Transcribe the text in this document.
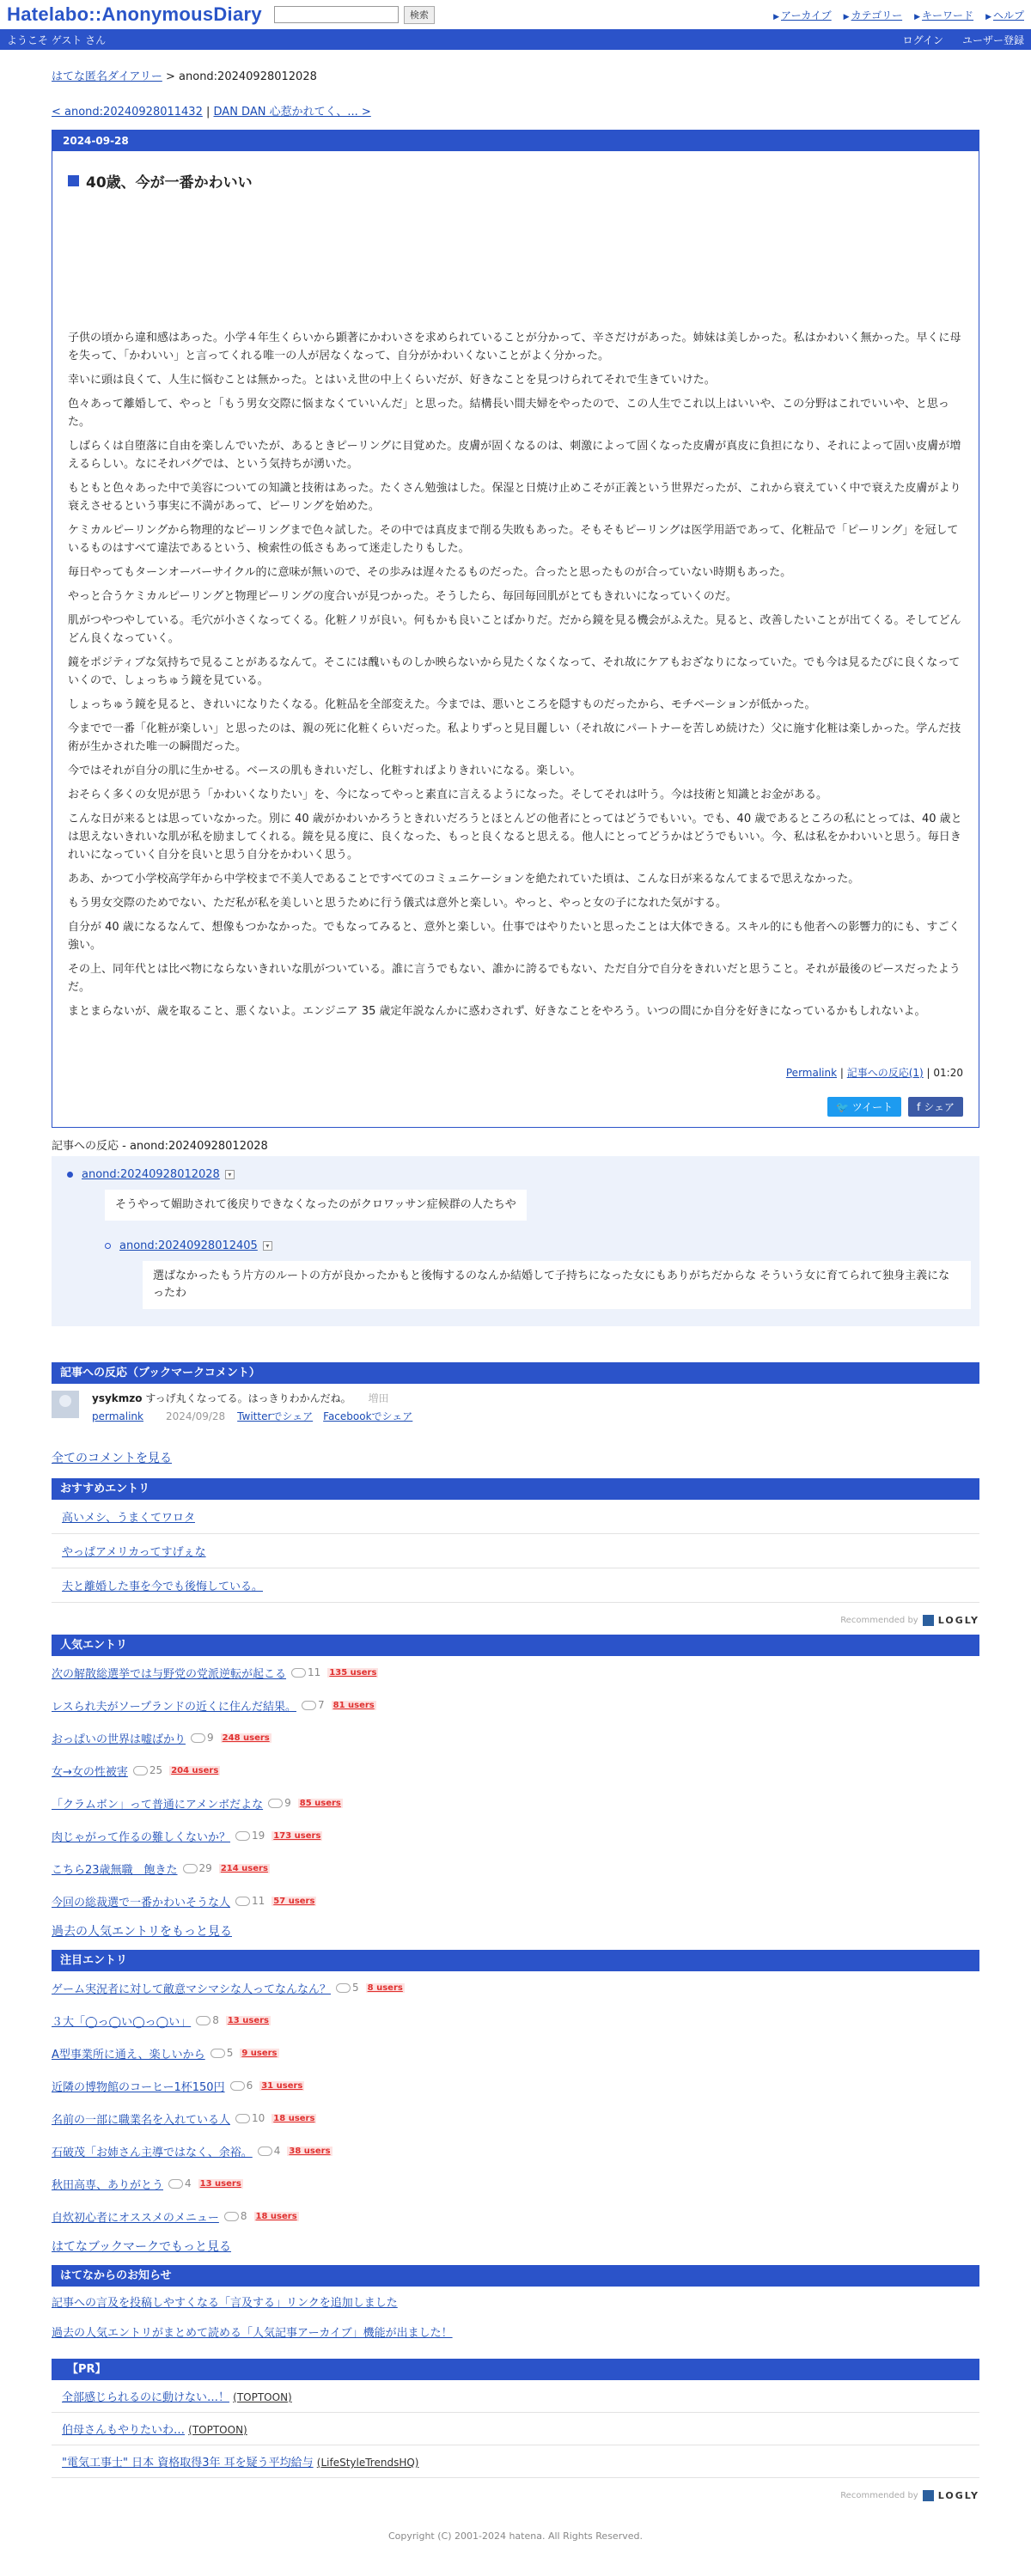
Hatelabo::AnonymousDiary	検索	▶ アーカイブ ▶ カテゴリー ▶ キーワード ▶ ヘルプ
ようこそ ゲスト さん	ログイン ユーザー登録
はてな匿名ダイアリー > anond:20240928012028
< anond:20240928011432 | DAN DAN 心惹かれてく、... >
2024-09-28
40歳、今が一番かわいい

子供の頃から違和感はあった。小学４年生くらいから顕著にかわいさを求められていることが分かって、辛さだけがあった。姉妹は美しかった。私はかわいく無かった。早くに母を失って、「かわいい」と言ってくれる唯一の人が居なくなって、自分がかわいくないことがよく分かった。

幸いに頭は良くて、人生に悩むことは無かった。とはいえ世の中上くらいだが、好きなことを見つけられてそれで生きていけた。

色々あって離婚して、やっと「もう男女交際に悩まなくていいんだ」と思った。結構長い間夫婦をやったので、この人生でこれ以上はいいや、この分野はこれでいいや、と思った。

しばらくは自堕落に自由を楽しんでいたが、あるときピーリングに目覚めた。皮膚が固くなるのは、刺激によって固くなった皮膚が真皮に負担になり、それによって固い皮膚が増えるらしい。なにそれバグでは、という気持ちが湧いた。

もともと色々あった中で美容についての知識と技術はあった。たくさん勉強はした。保湿と日焼け止めこそが正義という世界だったが、これから衰えていく中で衰えた皮膚がより衰えさせるという事実に不満があって、ピーリングを始めた。

ケミカルピーリングから物理的なピーリングまで色々試した。その中では真皮まで削る失敗もあった。そもそもピーリングは医学用語であって、化粧品で「ピーリング」を冠しているものはすべて違法であるという、検索性の低さもあって迷走したりもした。

毎日やってもターンオーバーサイクル的に意味が無いので、その歩みは遅々たるものだった。合ったと思ったものが合っていない時期もあった。

やっと合うケミカルピーリングと物理ピーリングの度合いが見つかった。そうしたら、毎回毎回肌がとてもきれいになっていくのだ。

肌がつやつやしている。毛穴が小さくなってくる。化粧ノリが良い。何もかも良いことばかりだ。だから鏡を見る機会がふえた。見ると、改善したいことが出てくる。そしてどんどん良くなっていく。

鏡をポジティブな気持ちで見ることがあるなんて。そこには醜いものしか映らないから見たくなくなって、それ故にケアもおざなりになっていた。でも今は見るたびに良くなっていくので、しょっちゅう鏡を見ている。

しょっちゅう鏡を見ると、きれいになりたくなる。化粧品を全部変えた。今までは、悪いところを隠すものだったから、モチベーションが低かった。

今までで一番「化粧が楽しい」と思ったのは、親の死に化粧くらいだった。私よりずっと見目麗しい（それ故にパートナーを苦しめ続けた）父に施す化粧は楽しかった。学んだ技術が生かされた唯一の瞬間だった。

今ではそれが自分の肌に生かせる。ベースの肌もきれいだし、化粧すればよりきれいになる。楽しい。

おそらく多くの女児が思う「かわいくなりたい」を、今になってやっと素直に言えるようになった。そしてそれは叶う。今は技術と知識とお金がある。

こんな日が来るとは思っていなかった。別に 40 歳がかわいかろうときれいだろうとほとんどの他者にとってはどうでもいい。でも、40 歳であるところの私にとっては、40 歳とは思えないきれいな肌が私を励ましてくれる。鏡を見る度に、良くなった、もっと良くなると思える。他人にとってどうかはどうでもいい。今、私は私をかわいいと思う。毎日きれいになっていく自分を良いと思う自分をかわいく思う。

ああ、かつて小学校高学年から中学校まで不美人であることですべてのコミュニケーションを絶たれていた頃は、こんな日が来るなんてまるで思えなかった。

もう男女交際のためでない、ただ私が私を美しいと思うために行う儀式は意外と楽しい。やっと、やっと女の子になれた気がする。

自分が 40 歳になるなんて、想像もつかなかった。でもなってみると、意外と楽しい。仕事ではやりたいと思ったことは大体できる。スキル的にも他者への影響力的にも、すごく強い。

その上、同年代とは比べ物にならないきれいな肌がついている。誰に言うでもない、誰かに誇るでもない、ただ自分で自分をきれいだと思うこと。それが最後のピースだったようだ。

まとまらないが、歳を取ること、悪くないよ。エンジニア 35 歳定年説なんかに惑わされず、好きなことをやろう。いつの間にか自分を好きになっているかもしれないよ。

Permalink | 記事への反応(1) | 01:20
🐦 ツイート	f シェア
記事への反応 - anond:20240928012028
anond:20240928012028	▾
そうやって媚助されて後戻りできなくなったのがクロワッサン症候群の人たちや
anond:20240928012405	▾
選ばなかったもう片方のルートの方が良かったかもと後悔するのなんか結婚して子持ちになった女にもありがちだからな そういう女に育てられて独身主義になったわ
記事への反応（ブックマークコメント）
ysykmzo すっげ丸くなってる。はっきりわかんだね。 増田
permalink 2024/09/28 Twitterでシェア Facebookでシェア
全てのコメントを見る
おすすめエントリ
高いメシ、うまくてワロタ
やっぱアメリカってすげぇな
夫と離婚した事を今でも後悔している。
Recommended by LOGLY
人気エントリ
次の解散総選挙では与野党の党派逆転が起こる 11 135 users
レスられ夫がソープランドの近くに住んだ結果。 7 81 users
おっぱいの世界は嘘ばかり 9 248 users
女→女の性被害 25 204 users
「クラムボン」って普通にアメンボだよな 9 85 users
肉じゃがって作るの難しくないか？ 19 173 users
こちら23歳無職　飽きた 29 214 users
今回の総裁選で一番かわいそうな人 11 57 users
過去の人気エントリをもっと見る
注目エントリ
ゲーム実況者に対して敵意マシマシな人ってなんなん？ 5 8 users
３大「◯っ◯い◯っ◯い」 8 13 users
A型事業所に通え、楽しいから 5 9 users
近隣の博物館のコーヒー1杯150円 6 31 users
名前の一部に職業名を入れている人 10 18 users
石破茂「お姉さん主導ではなく、余裕。 4 38 users
秋田高専、ありがとう 4 13 users
自炊初心者にオススメのメニュー 8 18 users
はてなブックマークでもっと見る
はてなからのお知らせ
記事への言及を投稿しやすくなる「言及する」リンクを追加しました
過去の人気エントリがまとめて読める「人気記事アーカイブ」機能が出ました！
【PR】
全部感じられるのに動けない…！ (TOPTOON)
伯母さんもやりたいわ… (TOPTOON)
"電気工事士" 日本 資格取得3年 耳を疑う平均給与 (LifeStyleTrendsHQ)
Recommended by LOGLY
Copyright (C) 2001-2024 hatena. All Rights Reserved.
